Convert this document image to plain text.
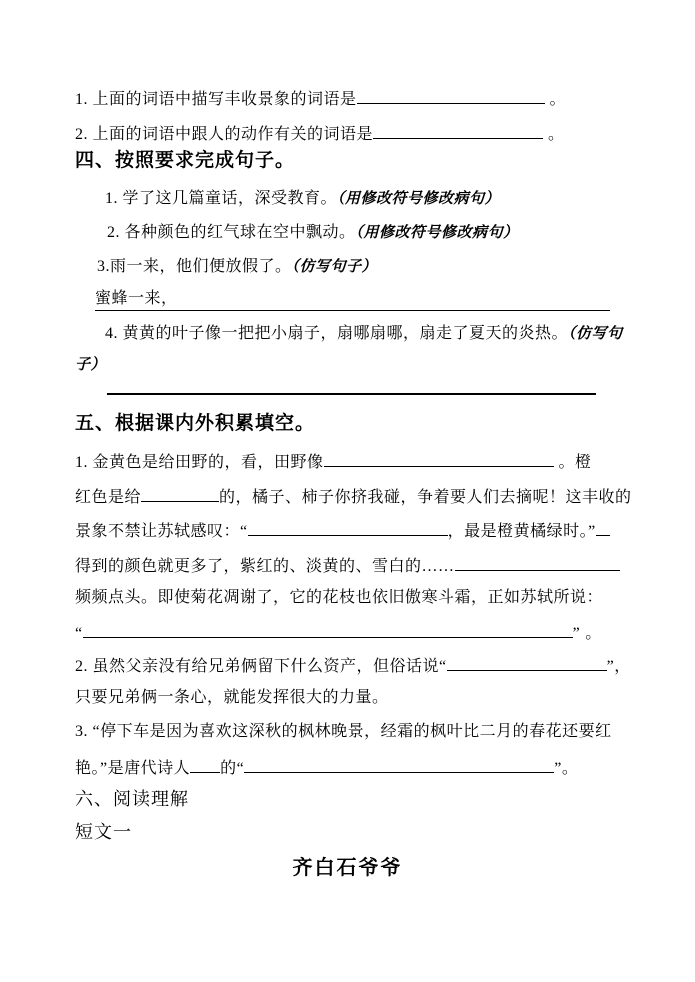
1. 上面的词语中描写丰收景象的词语是	。
2. 上面的词语中跟人的动作有关的词语是	。
四、按照要求完成句子。
1. 学了这几篇童话，深受教育。（用修改符号修改病句）
2. 各种颜色的红气球在空中飘动。（用修改符号修改病句）
3.雨一来，他们便放假了。（仿写句子）
蜜蜂一来，
4. 黄黄的叶子像一把把小扇子，扇哪扇哪，扇走了夏天的炎热。（仿写句
子）
五、根据课内外积累填空。
1. 金黄色是给田野的，看，田野像	。橙
红色是给	的，橘子、柿子你挤我碰，争着要人们去摘呢！这丰收的
景象不禁让苏轼感叹：“	，最是橙黄橘绿时。”
得到的颜色就更多了，紫红的、淡黄的、雪白的……
频频点头。即使菊花凋谢了，它的花枝也依旧傲寒斗霜，正如苏轼所说：
“	” 。
2. 虽然父亲没有给兄弟俩留下什么资产，但俗话说“	”，
只要兄弟俩一条心，就能发挥很大的力量。
3. “停下车是因为喜欢这深秋的枫林晚景，经霜的枫叶比二月的春花还要红
艳。”是唐代诗人 的“	”。
六、阅读理解
短文一
齐白石爷爷
